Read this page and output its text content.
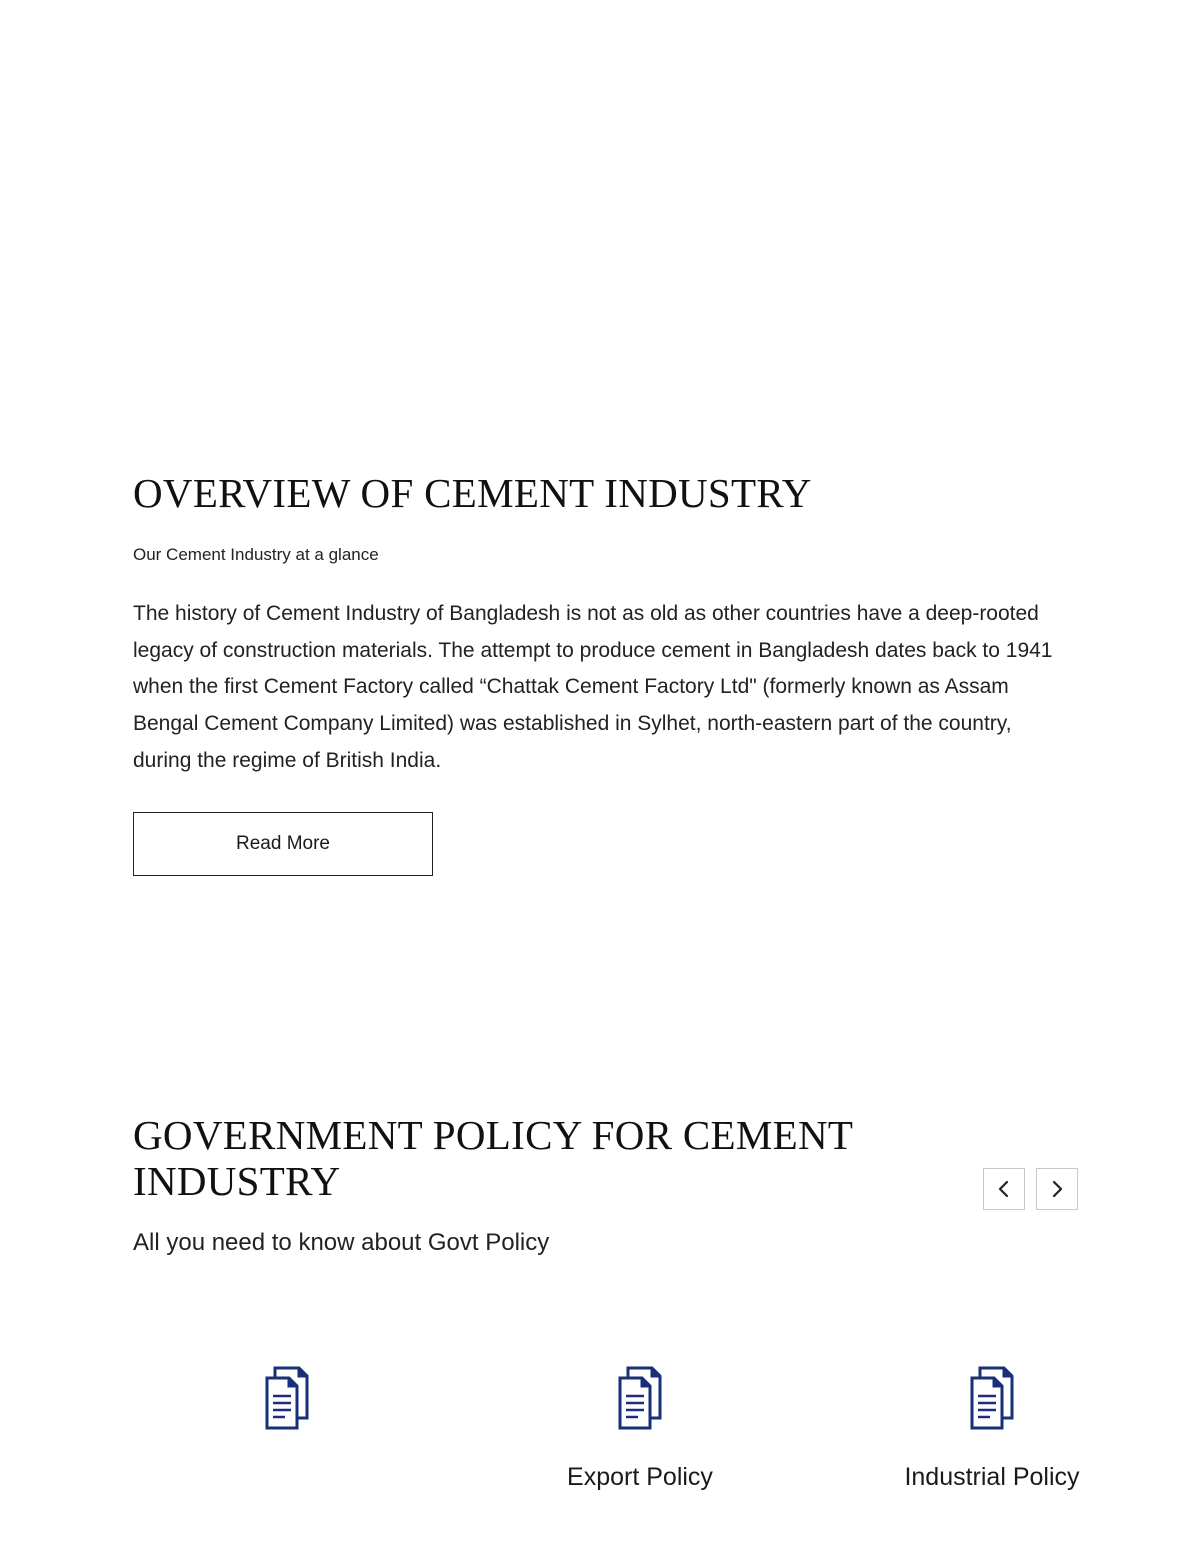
OVERVIEW OF CEMENT INDUSTRY
Our Cement Industry at a glance

The history of Cement Industry of Bangladesh is not as old as other countries have a deep-rooted legacy of construction materials. The attempt to produce cement in Bangladesh dates back to 1941 when the first Cement Factory called “Chattak Cement Factory Ltd" (formerly known as Assam Bengal Cement Company Limited) was established in Sylhet, north-eastern part of the country, during the regime of British India.

Read More
GOVERNMENT POLICY FOR CEMENT INDUSTRY
All you need to know about Govt Policy
Export Policy	Industrial Policy
